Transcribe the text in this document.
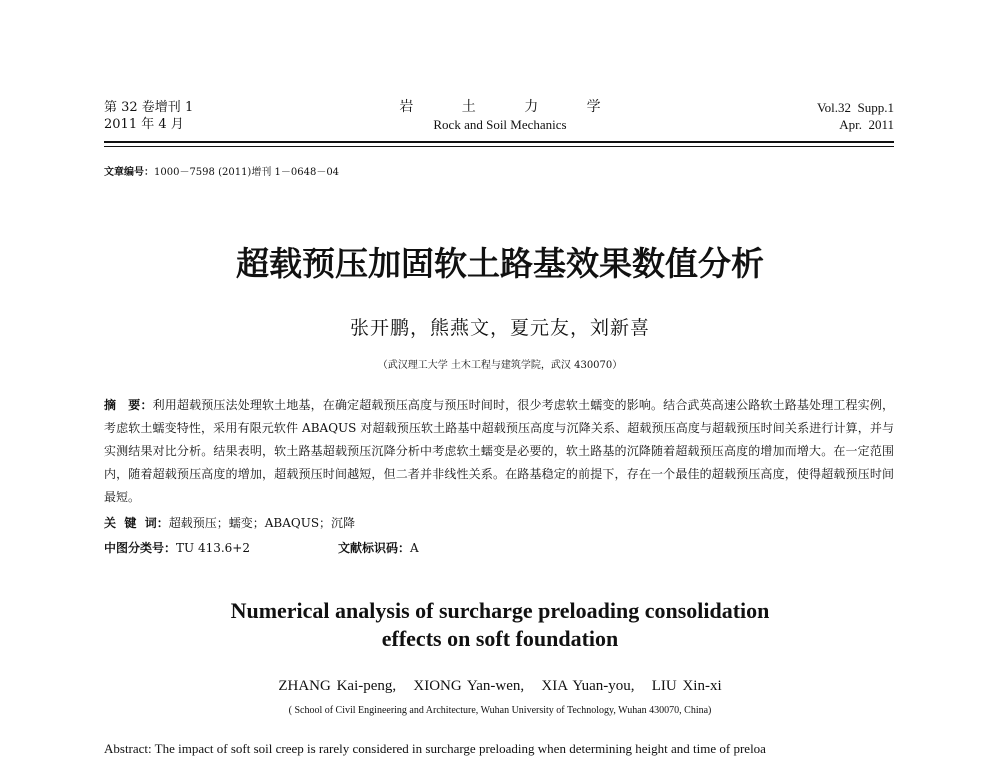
第 32 卷增刊 1
2011 年 4 月
岩 土 力 学
Rock and Soil Mechanics
Vol.32  Supp.1
Apr.  2011
文章编号：1000－7598 (2011)增刊 1－0648－04
超载预压加固软土路基效果数值分析
张开鹏，熊燕文，夏元友，刘新喜
（武汉理工大学 土木工程与建筑学院，武汉 430070）
摘　要：利用超载预压法处理软土地基，在确定超载预压高度与预压时间时，很少考虑软土蠕变的影响。结合武英高速公路软土路基处理工程实例，考虑软土蠕变特性，采用有限元软件 ABAQUS 对超载预压软土路基中超载预压高度与沉降关系、超载预压高度与超载预压时间关系进行计算，并与实测结果对比分析。结果表明，软土路基超载预压沉降分析中考虑软土蠕变是必要的，软土路基的沉降随着超载预压高度的增加而增大。在一定范围内，随着超载预压高度的增加，超载预压时间越短，但二者并非线性关系。在路基稳定的前提下，存在一个最佳的超载预压高度，使得超载预压时间最短。
关  键  词：超载预压；蠕变；ABAQUS；沉降
中图分类号：TU 413.6+2	文献标识码：A
Numerical analysis of surcharge preloading consolidation
effects on soft foundation
ZHANG Kai-peng,   XIONG Yan-wen,   XIA Yuan-you,   LIU Xin-xi
( School of Civil Engineering and Architecture, Wuhan University of Technology, Wuhan 430070, China)
Abstract: The impact of soft soil creep is rarely considered in surcharge preloading when determining height and time of preloa
